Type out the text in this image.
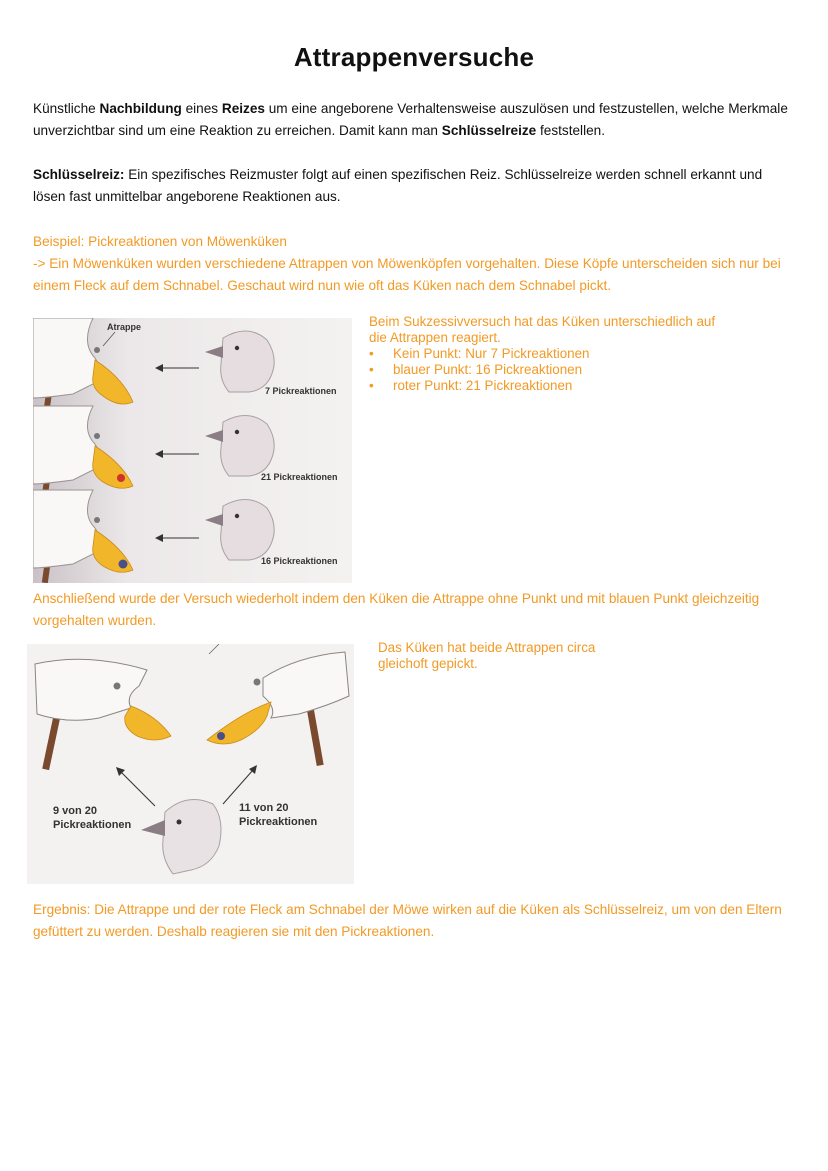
Attrappenversuche
Künstliche Nachbildung eines Reizes um eine angeborene Verhaltensweise auszulösen und festzustellen, welche Merkmale unverzichtbar sind um eine Reaktion zu erreichen. Damit kann man Schlüsselreize feststellen.
Schlüsselreiz: Ein spezifisches Reizmuster folgt auf einen spezifischen Reiz. Schlüsselreize werden schnell erkannt und lösen fast unmittelbar angeborene Reaktionen aus.
Beispiel: Pickreaktionen von Möwenküken
-> Ein Möwenküken wurden verschiedene Attrappen von Möwenköpfen vorgehalten. Diese Köpfe unterscheiden sich nur bei einem Fleck auf dem Schnabel. Geschaut wird nun wie oft das Küken nach dem Schnabel pickt.
Atrappe
7 Pickreaktionen
21 Pickreaktionen
16 Pickreaktionen
Beim Sukzessivversuch hat das Küken unterschiedlich auf die Attrappen reagiert.
• Kein Punkt: Nur 7 Pickreaktionen
• blauer Punkt: 16 Pickreaktionen
• roter Punkt: 21 Pickreaktionen
Anschließend wurde der Versuch wiederholt indem den Küken die Attrappe ohne Punkt und mit blauen Punkt gleichzeitig vorgehalten wurden.
9 von 20
Pickreaktionen
11 von 20
Pickreaktionen
Das Küken hat beide Attrappen circa gleichoft gepickt.
Ergebnis: Die Attrappe und der rote Fleck am Schnabel der Möwe wirken auf die Küken als Schlüsselreiz, um von den Eltern gefüttert zu werden. Deshalb reagieren sie mit den Pickreaktionen.
